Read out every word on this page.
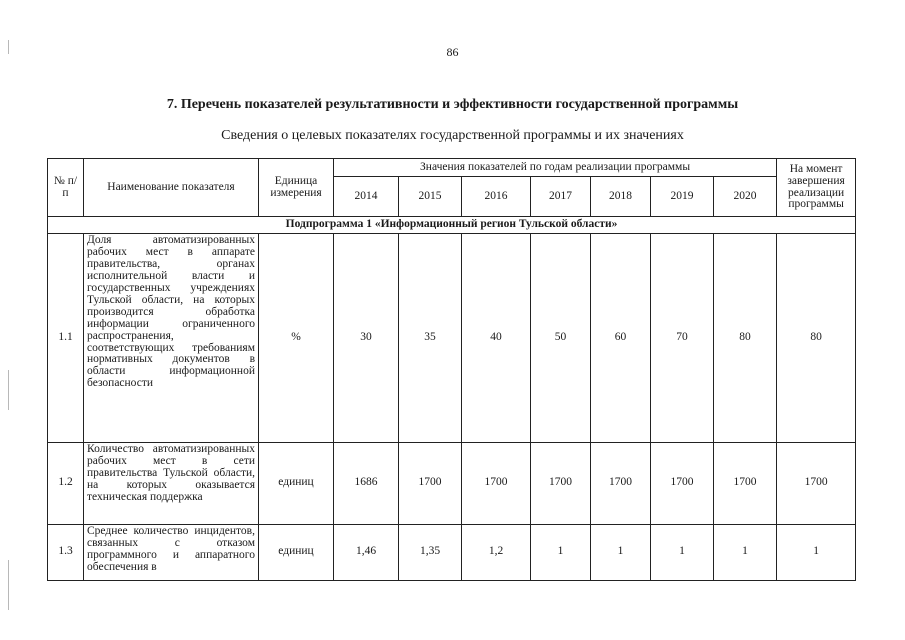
86
7. Перечень показателей результативности и эффективности государственной программы
Сведения о целевых показателях государственной программы и их значениях
№ п/п	Наименование показателя	Единица измерения	Значения показателей по годам реализации программы							На момент завершения реализации программы
			2014	2015	2016	2017	2018	2019	2020	
Подпрограмма 1 «Информационный регион Тульской области»										
1.1	Доля автоматизированных рабочих мест в аппарате правительства, органах исполнительной власти и государственных учреждениях Тульской области, на которых производится обработка информации ограниченного распространения, соответствующих требованиям нормативных документов в области информационной безопасности	%	30	35	40	50	60	70	80	80
1.2	Количество автоматизированных рабочих мест в сети правительства Тульской области, на которых оказывается техническая поддержка	единиц	1686	1700	1700	1700	1700	1700	1700	1700
1.3	Среднее количество инцидентов, связанных с отказом программного и аппаратного обеспечения в	единиц	1,46	1,35	1,2	1	1	1	1	1
